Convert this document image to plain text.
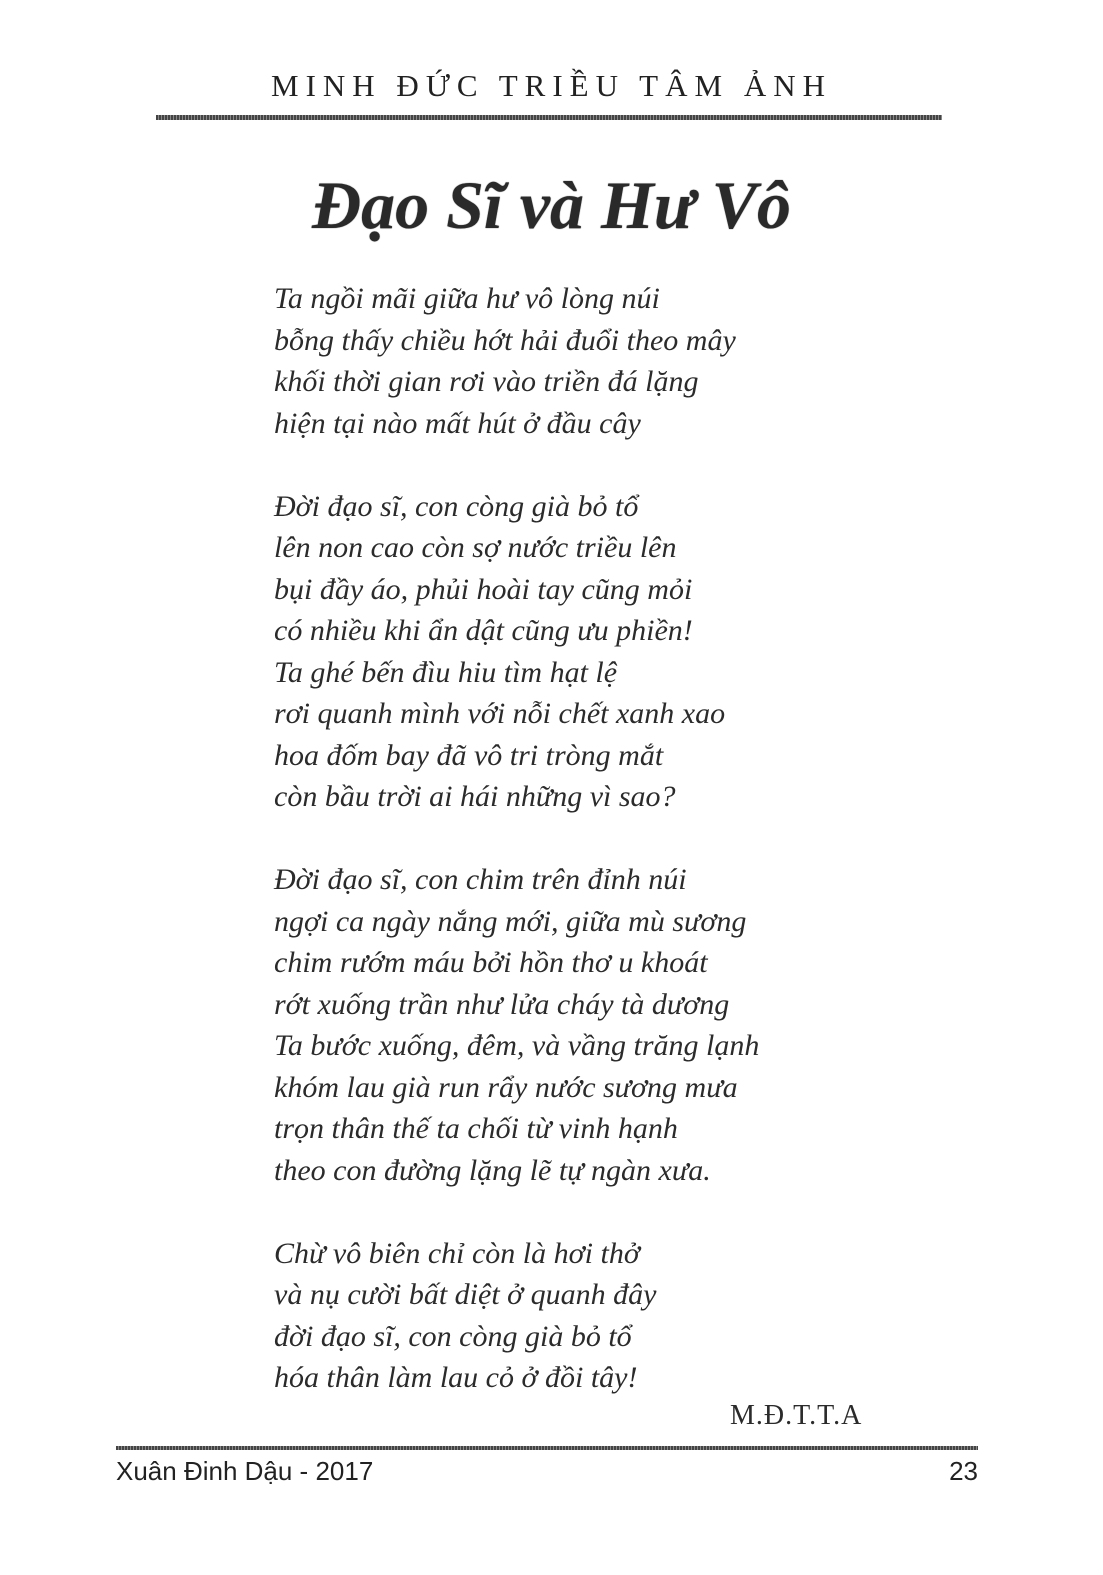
MINH ĐỨC TRIỀU TÂM ẢNH
Đạo Sĩ và Hư Vô
Ta ngồi mãi giữa hư vô lòng núi
bỗng thấy chiều hớt hải đuổi theo mây
khối thời gian rơi vào triền đá lặng
hiện tại nào mất hút ở đầu cây
Đời đạo sĩ, con còng già bỏ tổ
lên non cao còn sợ nước triều lên
bụi đầy áo, phủi hoài tay cũng mỏi
có nhiều khi ẩn dật cũng ưu phiền!
Ta ghé bến đìu hiu tìm hạt lệ
rơi quanh mình với nỗi chết xanh xao
hoa đốm bay đã vô tri tròng mắt
còn bầu trời ai hái những vì sao?
Đời đạo sĩ, con chim trên đỉnh núi
ngợi ca ngày nắng mới, giữa mù sương
chim rướm máu bởi hồn thơ u khoát
rớt xuống trần như lửa cháy tà dương
Ta bước xuống, đêm, và vầng trăng lạnh
khóm lau già run rẩy nước sương mưa
trọn thân thế ta chối từ vinh hạnh
theo con đường lặng lẽ tự ngàn xưa.
Chừ vô biên chỉ còn là hơi thở
và nụ cười bất diệt ở quanh đây
đời đạo sĩ, con còng già bỏ tổ
hóa thân làm lau cỏ ở đồi tây!
M.Đ.T.T.A
Xuân Đinh Dậu - 2017	23
